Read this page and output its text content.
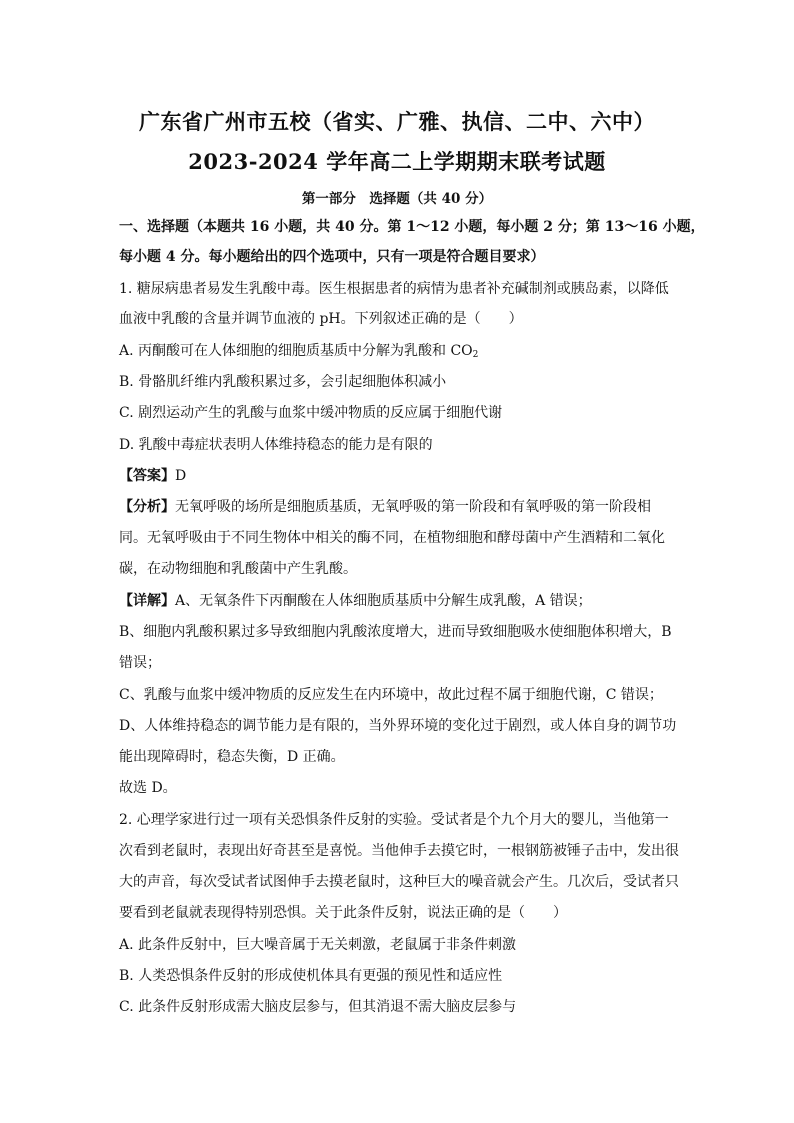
广东省广州市五校（省实、广雅、执信、二中、六中）
2023-2024 学年高二上学期期末联考试题
第一部分　选择题（共 40 分）
一、选择题（本题共 16 小题，共 40 分。第 1～12 小题，每小题 2 分；第 13～16 小题，
每小题 4 分。每小题给出的四个选项中，只有一项是符合题目要求）
1. 糖尿病患者易发生乳酸中毒。医生根据患者的病情为患者补充碱制剂或胰岛素，以降低
血液中乳酸的含量并调节血液的 pH。下列叙述正确的是（　　）
A. 丙酮酸可在人体细胞的细胞质基质中分解为乳酸和 $CO_2$
B. 骨骼肌纤维内乳酸积累过多，会引起细胞体积减小
C. 剧烈运动产生的乳酸与血浆中缓冲物质的反应属于细胞代谢
D. 乳酸中毒症状表明人体维持稳态的能力是有限的
【答案】D
【分析】无氧呼吸的场所是细胞质基质，无氧呼吸的第一阶段和有氧呼吸的第一阶段相
同。无氧呼吸由于不同生物体中相关的酶不同，在植物细胞和酵母菌中产生酒精和二氧化
碳，在动物细胞和乳酸菌中产生乳酸。
【详解】A、无氧条件下丙酮酸在人体细胞质基质中分解生成乳酸，A 错误；
B、细胞内乳酸积累过多导致细胞内乳酸浓度增大，进而导致细胞吸水使细胞体积增大，B
错误；
C、乳酸与血浆中缓冲物质的反应发生在内环境中，故此过程不属于细胞代谢，C 错误；
D、人体维持稳态的调节能力是有限的，当外界环境的变化过于剧烈，或人体自身的调节功
能出现障碍时，稳态失衡，D 正确。
故选 D。
2. 心理学家进行过一项有关恐惧条件反射的实验。受试者是个九个月大的婴儿，当他第一
次看到老鼠时，表现出好奇甚至是喜悦。当他伸手去摸它时，一根钢筋被锤子击中，发出很
大的声音，每次受试者试图伸手去摸老鼠时，这种巨大的噪音就会产生。几次后，受试者只
要看到老鼠就表现得特别恐惧。关于此条件反射，说法正确的是（　　）
A. 此条件反射中，巨大噪音属于无关刺激，老鼠属于非条件刺激
B. 人类恐惧条件反射的形成使机体具有更强的预见性和适应性
C. 此条件反射形成需大脑皮层参与，但其消退不需大脑皮层参与
